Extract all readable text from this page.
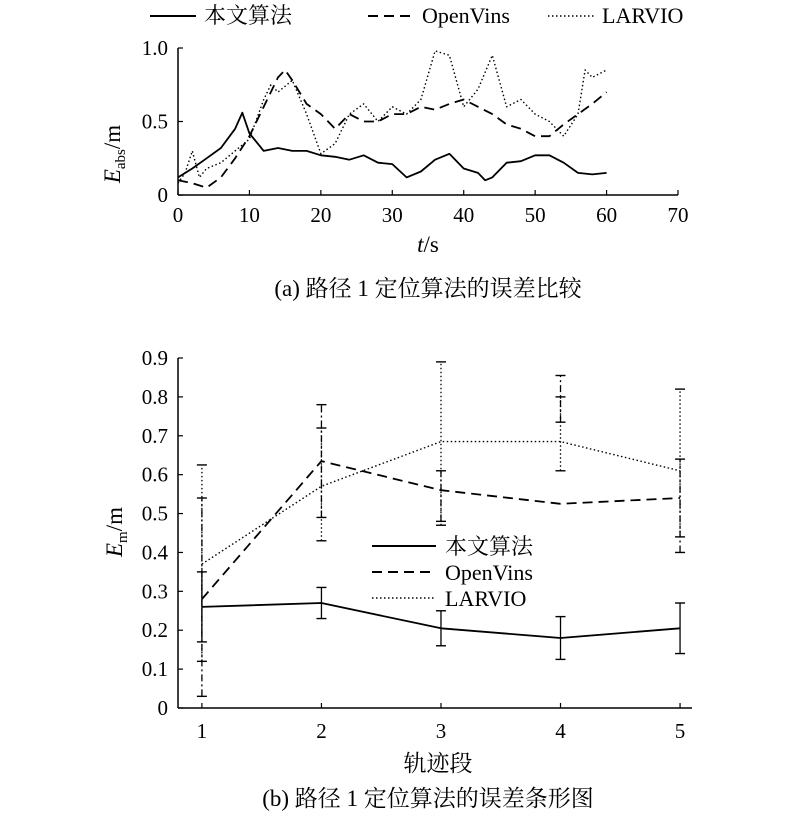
本文算法	OpenVins	LARVIO
0	10 20 30 40 50 60 70
0
0.5
1.0
$E_{abs}/m$
t/s
(a) 路径 1 定位算法的误差比较
1	2	3	4	5
0
0.1
0.2
0.3
0.4
0.5
0.6
0.7
0.8
0.9
本文算法
OpenVins
LARVIO
$E_m/m$
轨迹段
(b) 路径 1 定位算法的误差条形图
